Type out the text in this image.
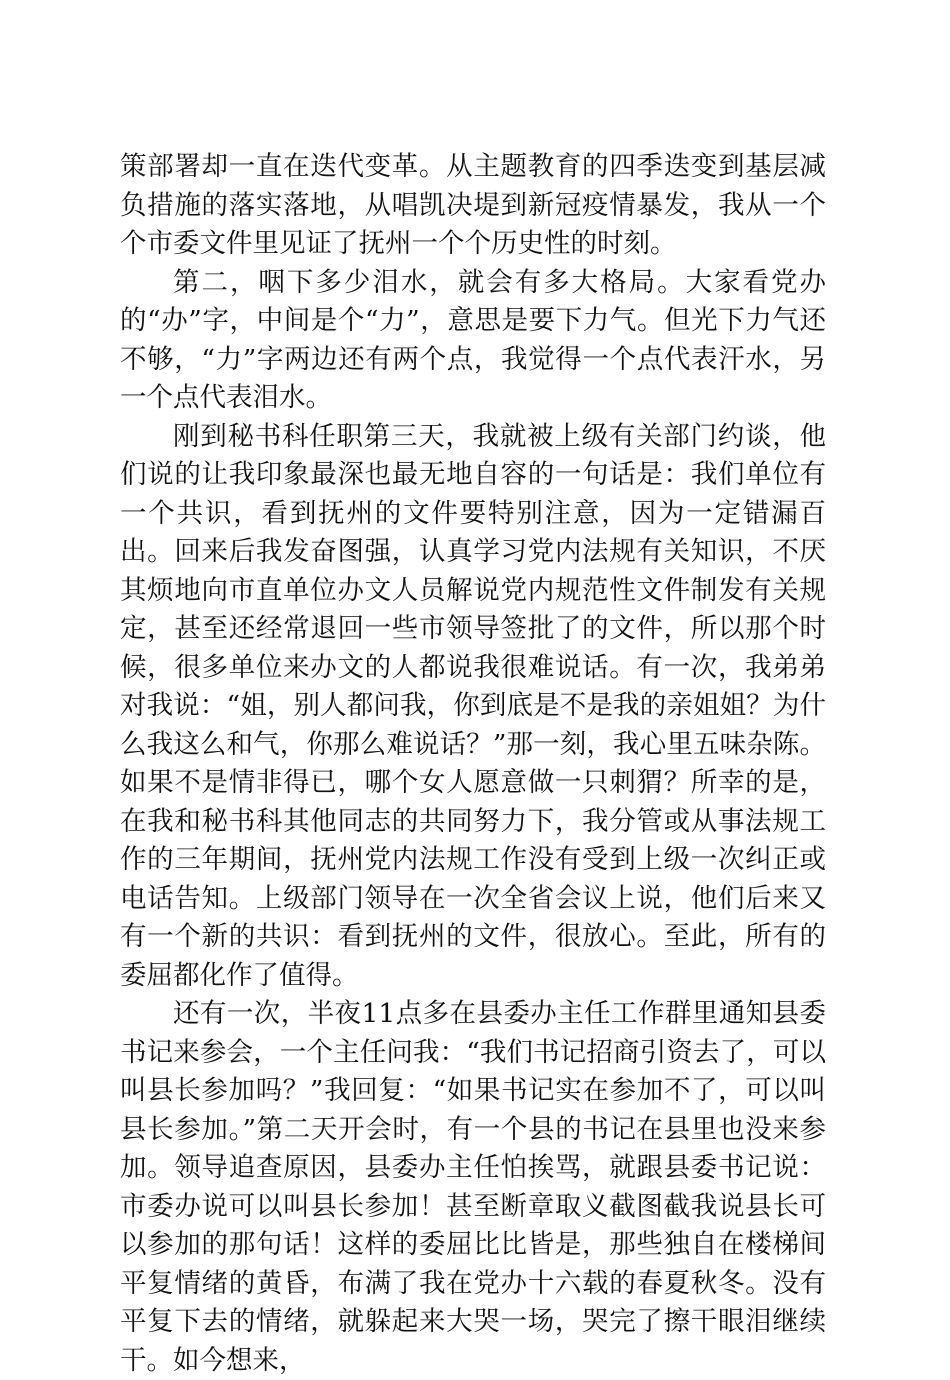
策部署却一直在迭代变革。从主题教育的四季迭变到基层减负措施的落实落地，从唱凯决堤到新冠疫情暴发，我从一个个市委文件里见证了抚州一个个历史性的时刻。

第二，咽下多少泪水，就会有多大格局。大家看党办的“办”字，中间是个“力”，意思是要下力气。但光下力气还不够，“力”字两边还有两个点，我觉得一个点代表汗水，另一个点代表泪水。

刚到秘书科任职第三天，我就被上级有关部门约谈，他们说的让我印象最深也最无地自容的一句话是：我们单位有一个共识，看到抚州的文件要特别注意，因为一定错漏百出。回来后我发奋图强，认真学习党内法规有关知识，不厌其烦地向市直单位办文人员解说党内规范性文件制发有关规定，甚至还经常退回一些市领导签批了的文件，所以那个时候，很多单位来办文的人都说我很难说话。有一次，我弟弟对我说：“姐，别人都问我，你到底是不是我的亲姐姐？为什么我这么和气，你那么难说话？”那一刻，我心里五味杂陈。如果不是情非得已，哪个女人愿意做一只刺猬？所幸的是，在我和秘书科其他同志的共同努力下，我分管或从事法规工作的三年期间，抚州党内法规工作没有受到上级一次纠正或电话告知。上级部门领导在一次全省会议上说，他们后来又有一个新的共识：看到抚州的文件，很放心。至此，所有的委屈都化作了值得。

还有一次，半夜11点多在县委办主任工作群里通知县委书记来参会，一个主任问我：“我们书记招商引资去了，可以叫县长参加吗？”我回复：“如果书记实在参加不了，可以叫县长参加。”第二天开会时，有一个县的书记在县里也没来参加。领导追查原因，县委办主任怕挨骂，就跟县委书记说：市委办说可以叫县长参加！甚至断章取义截图截我说县长可以参加的那句话！这样的委屈比比皆是，那些独自在楼梯间平复情绪的黄昏，布满了我在党办十六载的春夏秋冬。没有平复下去的情绪，就躲起来大哭一场，哭完了擦干眼泪继续干。如今想来，
